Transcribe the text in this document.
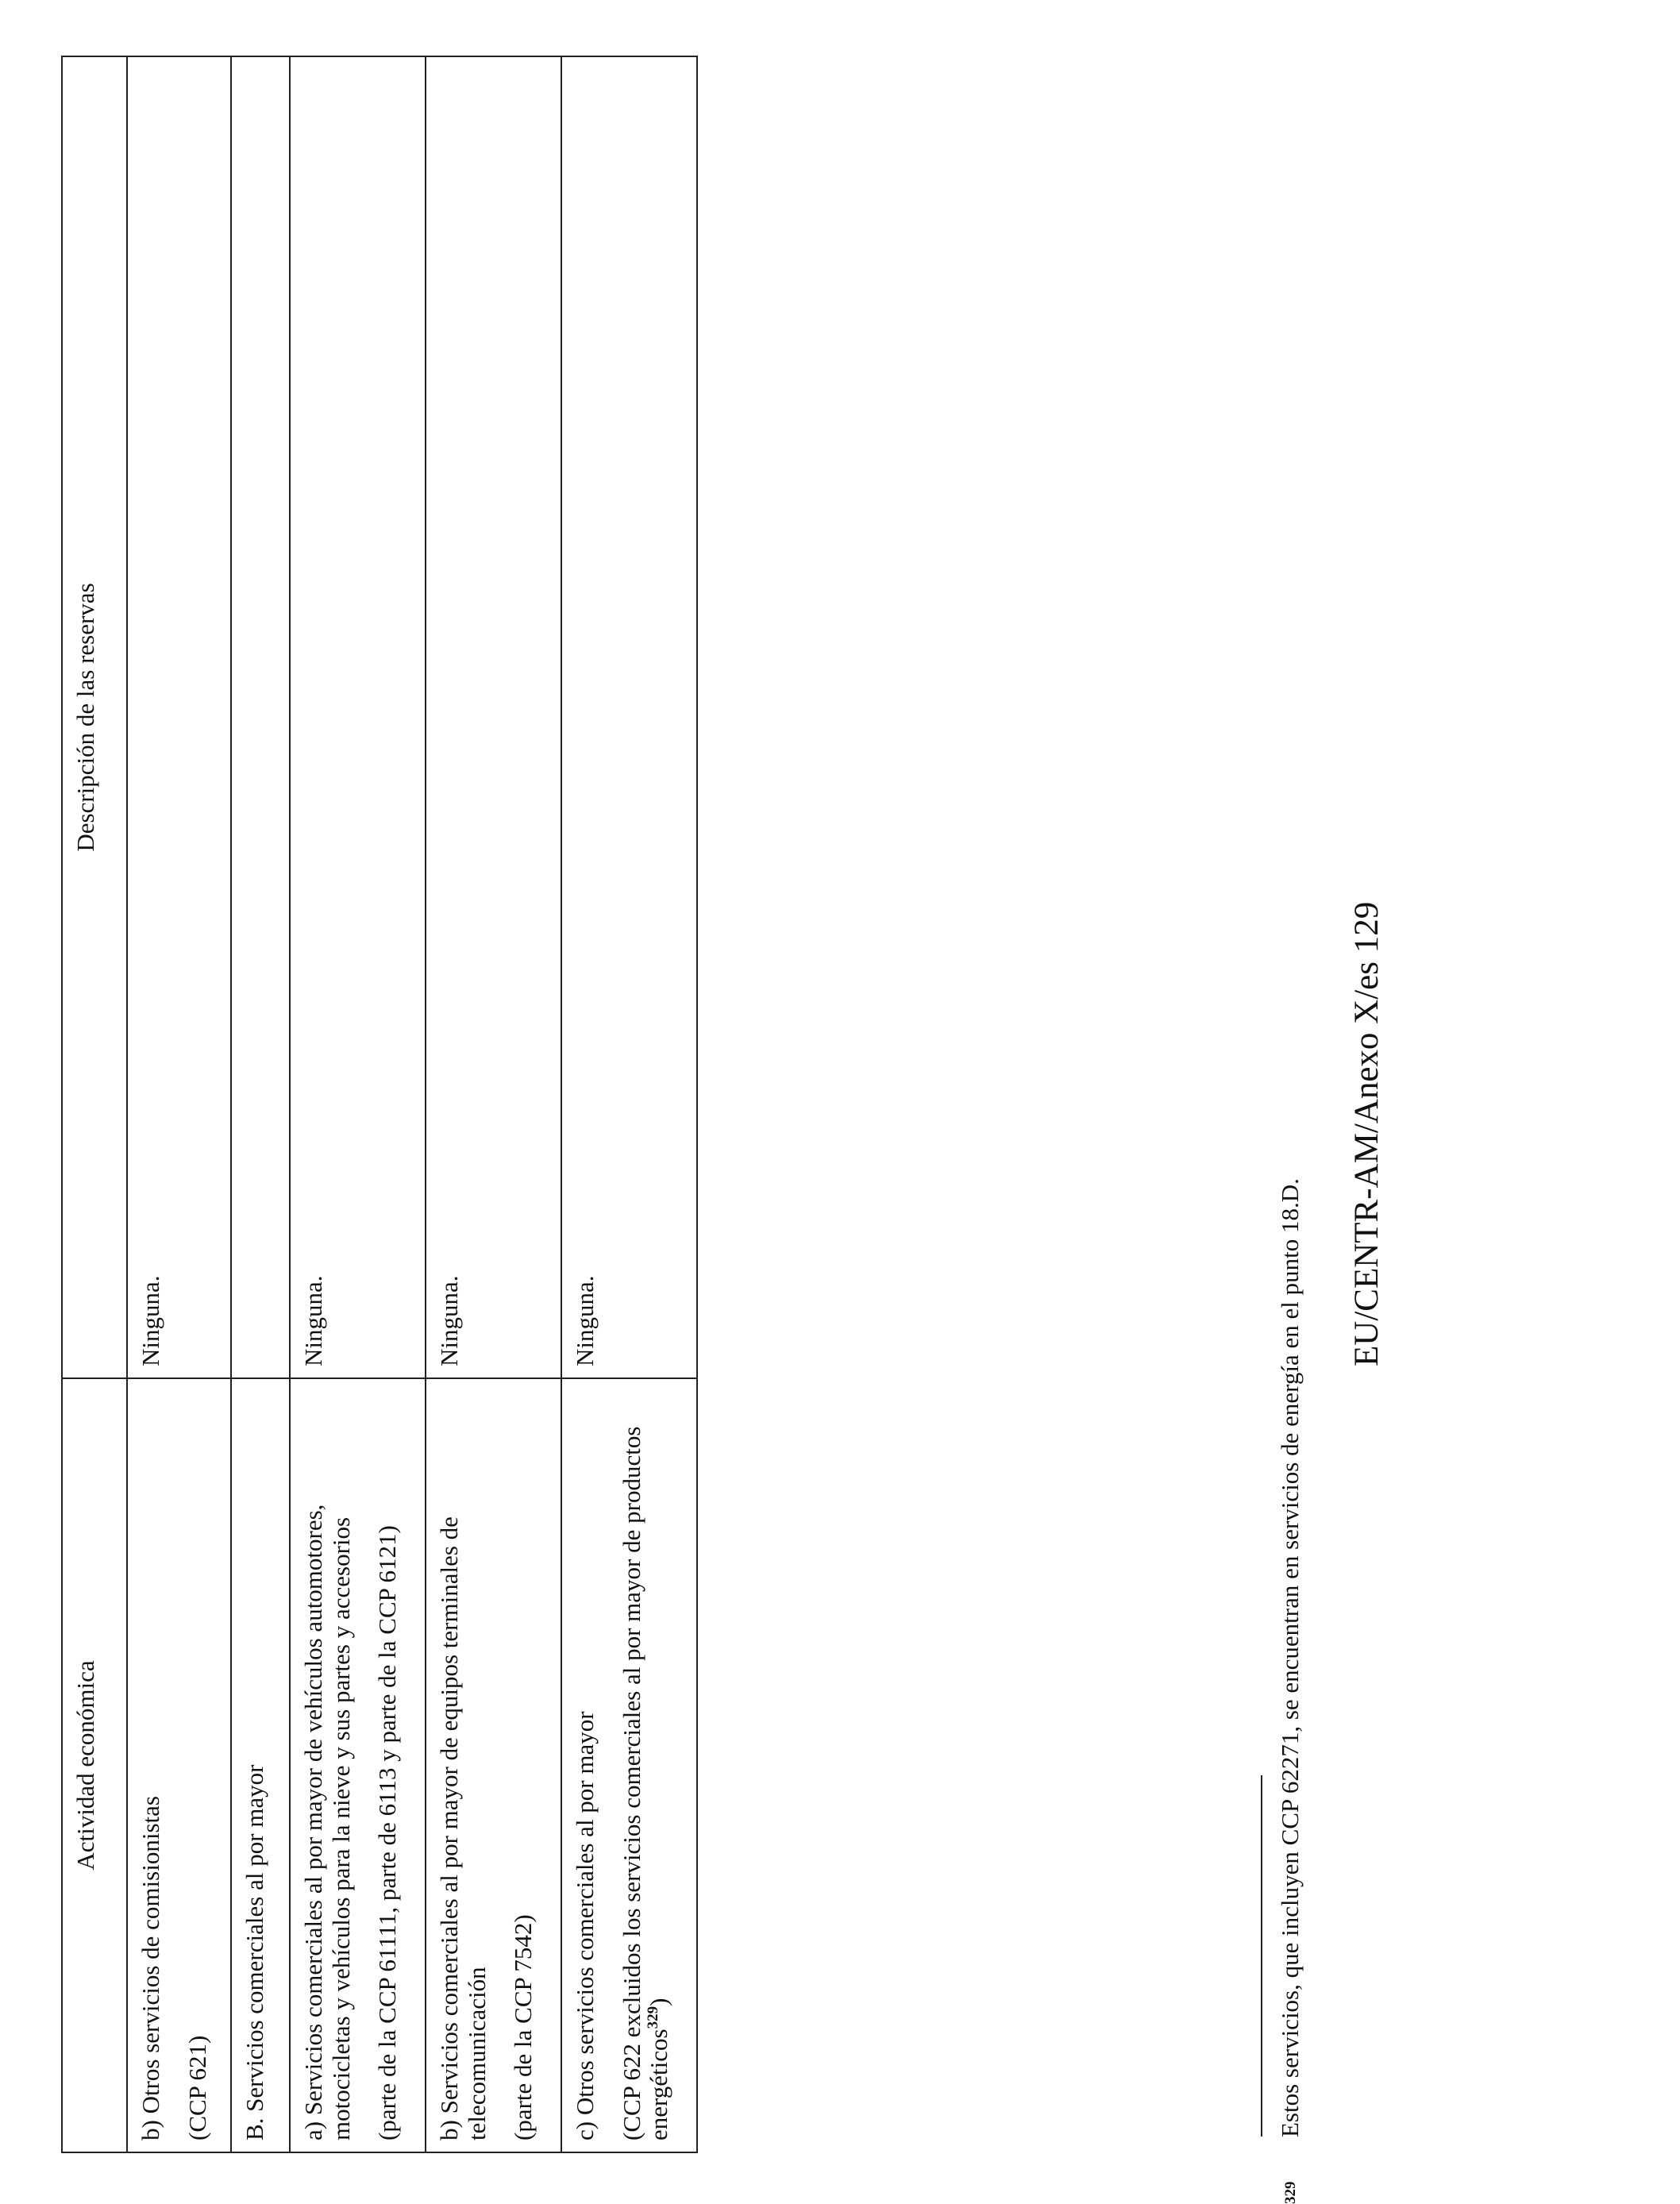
Actividad económica	Descripción de las reservas

b) Otros servicios de comisionistas (CCP 621)	Ninguna.

B. Servicios comerciales al por mayor	

a) Servicios comerciales al por mayor de vehículos automotores, motocicletas y vehículos para la nieve y sus partes y accesorios (parte de la CCP 61111, parte de 6113 y parte de la CCP 6121)	Ninguna.

b) Servicios comerciales al por mayor de equipos terminales de telecomunicación (parte de la CCP 7542)	Ninguna.

c) Otros servicios comerciales al por mayor (CCP 622 excluidos los servicios comerciales al por mayor de productos energéticos$^{329}$)	Ninguna.
329
Estos servicios, que incluyen CCP 62271, se encuentran en servicios de energía en el punto 18.D.
EU/CENTR-AM/Anexo X/es 129
